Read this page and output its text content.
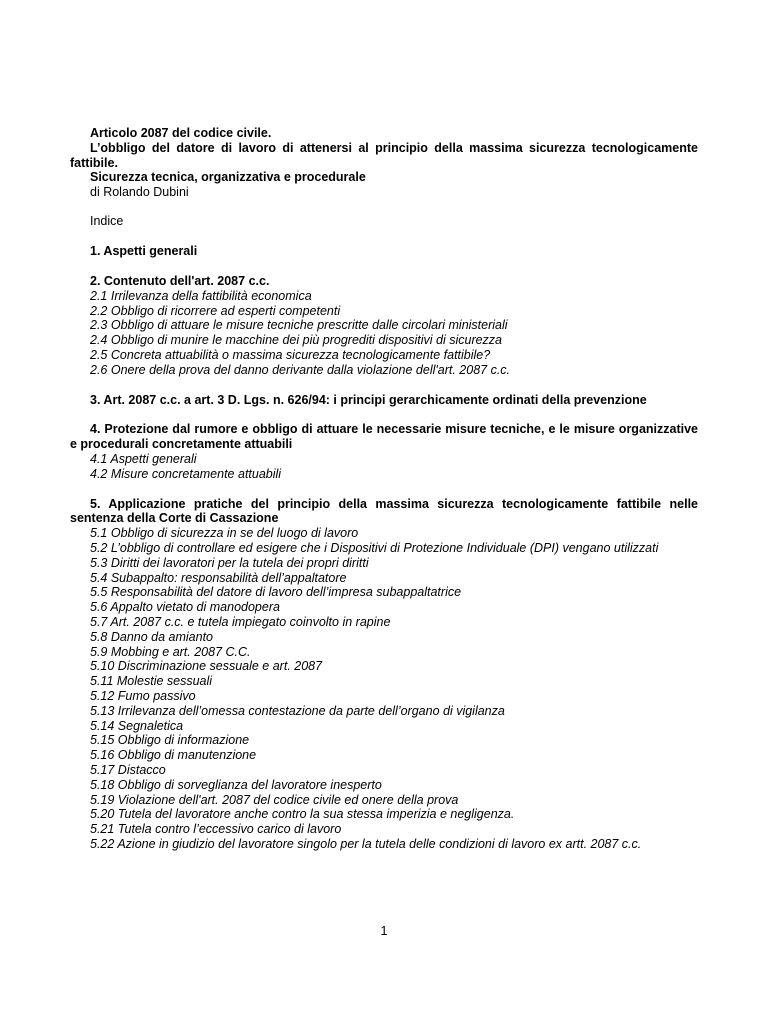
Articolo 2087 del codice civile.
L’obbligo del datore di lavoro di attenersi al principio della massima sicurezza tecnologicamente fattibile.
Sicurezza tecnica, organizzativa e procedurale
di Rolando Dubini
Indice
1. Aspetti generali
2. Contenuto dell'art. 2087 c.c.
2.1 Irrilevanza della fattibilità economica
2.2 Obbligo di ricorrere ad esperti competenti
2.3 Obbligo di attuare le misure tecniche prescritte dalle circolari ministeriali
2.4 Obbligo di munire le macchine dei più progrediti dispositivi di sicurezza
2.5 Concreta attuabilità o massima sicurezza tecnologicamente fattibile?
2.6 Onere della prova del danno derivante dalla violazione dell'art. 2087 c.c.
3. Art. 2087 c.c. a art. 3 D. Lgs. n. 626/94: i principi gerarchicamente ordinati della prevenzione
4. Protezione dal rumore e obbligo di attuare le necessarie misure tecniche, e le misure organizzative e procedurali concretamente attuabili
4.1 Aspetti generali
4.2 Misure concretamente attuabili
5. Applicazione pratiche del principio della massima sicurezza tecnologicamente fattibile nelle sentenza della Corte di Cassazione
5.1 Obbligo di sicurezza in se del luogo di lavoro
5.2 L’obbligo di controllare ed esigere che i Dispositivi di Protezione Individuale (DPI) vengano utilizzati
5.3 Diritti dei lavoratori per la tutela dei propri diritti
5.4 Subappalto: responsabilità dell’appaltatore
5.5 Responsabilità del datore di lavoro dell’impresa subappaltatrice
5.6 Appalto vietato di manodopera
5.7 Art. 2087 c.c. e tutela impiegato coinvolto in rapine
5.8 Danno da amianto
5.9 Mobbing e art. 2087 C.C.
5.10 Discriminazione sessuale e art. 2087
5.11 Molestie sessuali
5.12 Fumo passivo
5.13 Irrilevanza dell’omessa contestazione da parte dell’organo di vigilanza
5.14 Segnaletica
5.15 Obbligo di informazione
5.16 Obbligo di manutenzione
5.17 Distacco
5.18 Obbligo di sorveglianza del lavoratore inesperto
5.19 Violazione dell'art. 2087 del codice civile ed onere della prova
5.20 Tutela del lavoratore anche contro la sua stessa imperizia e negligenza.
5.21 Tutela contro l’eccessivo carico di lavoro
5.22 Azione in giudizio del lavoratore singolo per la tutela delle condizioni di lavoro ex artt. 2087 c.c.
1
